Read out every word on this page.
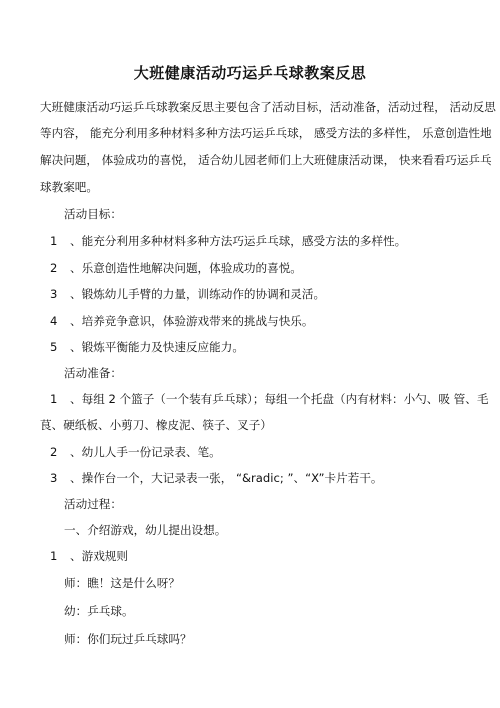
大班健康活动巧运乒乓球教案反思
大班健康活动巧运乒乓球教案反思主要包含了活动目标，活动准备，活动过程， 活动反思
等内容， 能充分利用多种材料多种方法巧运乒乓球， 感受方法的多样性， 乐意创造性地
解决问题， 体验成功的喜悦， 适合幼儿园老师们上大班健康活动课， 快来看看巧运乒乓
球教案吧。
活动目标：
1 、能充分利用多种材料多种方法巧运乒乓球，感受方法的多样性。
2 、乐意创造性地解决问题，体验成功的喜悦。
3 、锻炼幼儿手臂的力量，训练动作的协调和灵活。
4 、培养竞争意识，体验游戏带来的挑战与快乐。
5 、锻炼平衡能力及快速反应能力。
活动准备：
1 、每组 2 个篮子（一个装有乒乓球）；每组一个托盘（内有材料：小勺、吸 管、毛
茛、硬纸板、小剪刀、橡皮泥、筷子、叉子）
2 、幼儿人手一份记录表、笔。
3 、操作台一个，大记录表一张， “&radic; ”、“X”卡片若干。
活动过程：
一、介绍游戏，幼儿提出设想。
1 、游戏规则
师：瞧！这是什么呀？
幼：乒乓球。
师：你们玩过乒乓球吗？
